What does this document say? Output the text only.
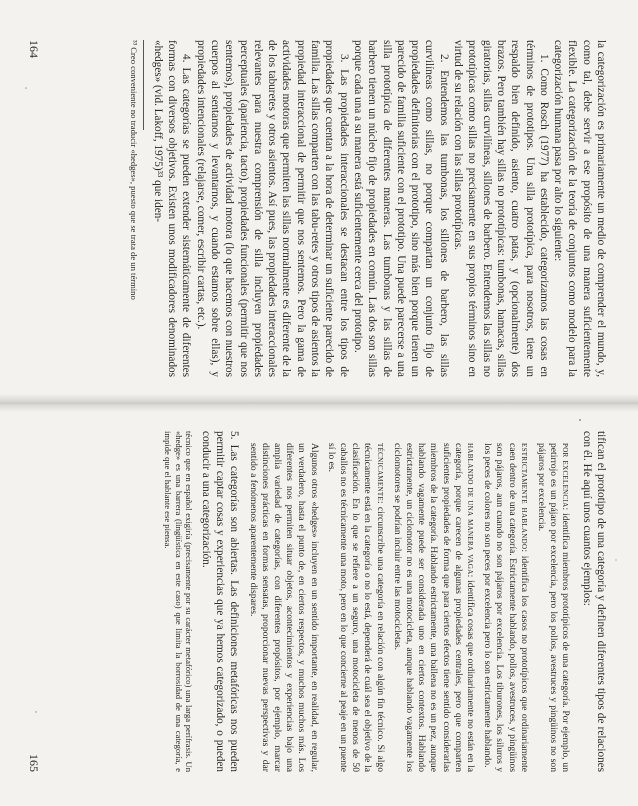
la categorización es primariamente un medio de comprender el mundo, y, como tal, debe servir a ese propósito de una manera suficientemente flexible. La categorización de la teoría de conjuntos como modelo para la categorización humana pasa por alto lo siguiente:

1. Como Rosch (1977) ha establecido, categorizamos las cosas en términos de prototipos. Una silla prototípica, para nosotros, tiene un respaldo bien definido, asiento, cuatro patas, y (opcionalmente) dos brazos. Pero también hay sillas no prototípicas: tumbonas, hamacas, sillas giratorias, sillas curvilíneas, sillones de barbero. Entendemos las sillas no prototípicas como sillas no precisamente en sus propios términos sino en virtud de su relación con las sillas prototípicas.

2. Entendemos las tumbonas, los sillones de barbero, las sillas curvilíneas como sillas, no porque compartan un conjunto fijo de propiedades definitorias con el prototipo, sino más bien porque tienen un parecido de familia suficiente con el prototipo. Una puede parecerse a una silla prototípica de diferentes maneras. Las tumbonas y las sillas de barbero tienen un núcleo fijo de propiedades en común. Las dos son sillas porque cada una a su manera está suficientemente cerca del prototipo.

3. Las propiedades interaccionales se destacan entre los tipos de propiedades que cuentan a la hora de determinar un suficiente parecido de familia. Las sillas comparten con las tabu-retes y otros tipos de asientos la propiedad interaccional de permitir que nos sentemos. Pero la gama de actividades motoras que permiten las sillas normalmente es diferente de la de los taburetes y otros asientos. Así pues, las propiedades interaccionales relevantes para nuestra comprensión de silla incluyen propiedades perceptuales (apariencia, tacto), propiedades funcionales (permitir que nos sentemos), propiedades de actividad motora (lo que hacemos con nuestros cuerpos al sentarnos y levantarnos, y cuando estamos sobre ellas), y propiedades intencionales (relajarse, comer, escribir cartas, etc.).

4. Las categorías se pueden extender sistemáticamente de diferentes formas con diversos objetivos. Existen unos modificadores denominados «hedges» (vid. Lakoff, 1975)³³ que iden-

³³ Creo conveniente no traducir «hedges», puesto que se trata de un término

164

tifican el prototipo de una categoría y definen diferentes tipos de relaciones con él. He aquí unos cuantos ejemplos:

por excelencia: identifica miembros prototípicos de una categoría. Por ejemplo, un petirrojo es un pájaro por excelencia, pero los pollos, avestruces y pingüinos no son pájaros por excelencia.

estrictamente hablando: identifica los casos no prototípicos que ordinariamente caen dentro de una categoría. Estrictamente hablando, pollos, avestruces, y pingüinos son pájaros, aun cuando no son pájaros por excelencia. Los tiburones, los siluros y los peces de colores no son peces por excelencia pero lo son estrictamente hablando.

hablando de una manera vaga: identifica cosas que ordinariamente no están en la categoría, porque carecen de algunas propiedades centrales, pero que comparten suficientes propiedades de forma que para ciertos efectos tiene sentido considerarlas miembros de la categoría. Hablando estrictamente, una ballena no es un pez, aunque hablando vagamente puede ser considerada uno en ciertos contextos. Hablando estrictamente, un ciclomotor no es una motocicleta, aunque hablando vagamente los ciclomotores se podrían incluir entre las motocicletas.

técnicamente: circunscribe una categoría en relación con algún fin técnico. Si algo técnicamente está en la categoría o no lo está, dependerá de cuál sea el objetivo de la clasificación. En lo que se refiere a un seguro, una motocicleta de menos de 50 caballos no es técnicamente una moto, pero en lo que concierne al peaje en un puente sí lo es.

Algunos otros «hedges» incluyen en un sentido importante, en realidad, en regular, un verdadero, hasta el punto de, en ciertos respectos, y muchos muchos más. Los diferentes nos permiten situar objetos, acontecimientos y experiencias bajo una amplia variedad de categorías, con diferentes propósitos, por ejemplo, marcar distinciones prácticas en formas sensatas, proporcionar nuevas perspectivas y dar sentido a fenómenos aparentemente dispares.

5. Las categorías son abiertas. Las definiciones metafóricas nos pueden permitir captar cosas y experiencias que ya hemos categorizado, o pueden conducir a una categorización.

técnico que en español exigiría (precisamente por su carácter metafórico) una larga perífrasis. Un «hedge» es una barrera (lingüística en este caso) que limita la borrosidad de una categoría, e impide que el hablante ese piensa.

165
